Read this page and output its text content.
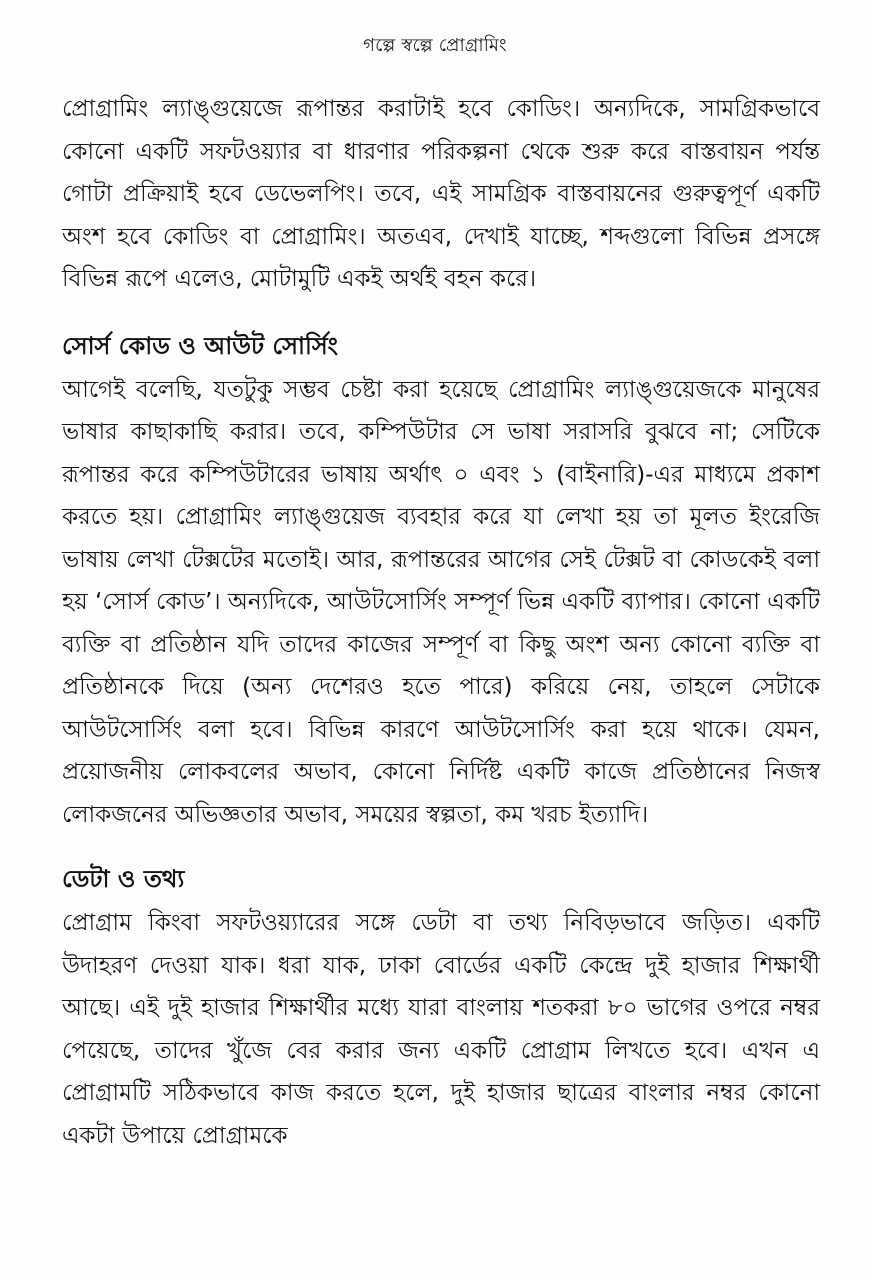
গল্পে স্বল্পে প্রোগ্রামিং

প্রোগ্রামিং ল্যাঙ্গুয়েজে রূপান্তর করাটাই হবে কোডিং। অন্যদিকে, সামগ্রিকভাবে কোনো একটি সফটওয়্যার বা ধারণার পরিকল্পনা থেকে শুরু করে বাস্তবায়ন পর্যন্ত গোটা প্রক্রিয়াই হবে ডেভেলপিং। তবে, এই সামগ্রিক বাস্তবায়নের গুরুত্বপূর্ণ একটি অংশ হবে কোডিং বা প্রোগ্রামিং। অতএব, দেখাই যাচ্ছে, শব্দগুলো বিভিন্ন প্রসঙ্গে বিভিন্ন রূপে এলেও, মোটামুটি একই অর্থই বহন করে।

সোর্স কোড ও আউট সোর্সিং

আগেই বলেছি, যতটুকু সম্ভব চেষ্টা করা হয়েছে প্রোগ্রামিং ল্যাঙ্গুয়েজকে মানুষের ভাষার কাছাকাছি করার। তবে, কম্পিউটার সে ভাষা সরাসরি বুঝবে না; সেটিকে রূপান্তর করে কম্পিউটারের ভাষায় অর্থাৎ ০ এবং ১ (বাইনারি)-এর মাধ্যমে প্রকাশ করতে হয়। প্রোগ্রামিং ল্যাঙ্গুয়েজ ব্যবহার করে যা লেখা হয় তা মূলত ইংরেজি ভাষায় লেখা টেক্সটের মতোই। আর, রূপান্তরের আগের সেই টেক্সট বা কোডকেই বলা হয় ‘সোর্স কোড’। অন্যদিকে, আউটসোর্সিং সম্পূর্ণ ভিন্ন একটি ব্যাপার। কোনো একটি ব্যক্তি বা প্রতিষ্ঠান যদি তাদের কাজের সম্পূর্ণ বা কিছু অংশ অন্য কোনো ব্যক্তি বা প্রতিষ্ঠানকে দিয়ে (অন্য দেশেরও হতে পারে) করিয়ে নেয়, তাহলে সেটাকে আউটসোর্সিং বলা হবে। বিভিন্ন কারণে আউটসোর্সিং করা হয়ে থাকে। যেমন, প্রয়োজনীয় লোকবলের অভাব, কোনো নির্দিষ্ট একটি কাজে প্রতিষ্ঠানের নিজস্ব লোকজনের অভিজ্ঞতার অভাব, সময়ের স্বল্পতা, কম খরচ ইত্যাদি।

ডেটা ও তথ্য

প্রোগ্রাম কিংবা সফটওয়্যারের সঙ্গে ডেটা বা তথ্য নিবিড়ভাবে জড়িত। একটি উদাহরণ দেওয়া যাক। ধরা যাক, ঢাকা বোর্ডের একটি কেন্দ্রে দুই হাজার শিক্ষার্থী আছে। এই দুই হাজার শিক্ষার্থীর মধ্যে যারা বাংলায় শতকরা ৮০ ভাগের ওপরে নম্বর পেয়েছে, তাদের খুঁজে বের করার জন্য একটি প্রোগ্রাম লিখতে হবে। এখন এ প্রোগ্রামটি সঠিকভাবে কাজ করতে হলে, দুই হাজার ছাত্রের বাংলার নম্বর কোনো একটা উপায়ে প্রোগ্রামকে
